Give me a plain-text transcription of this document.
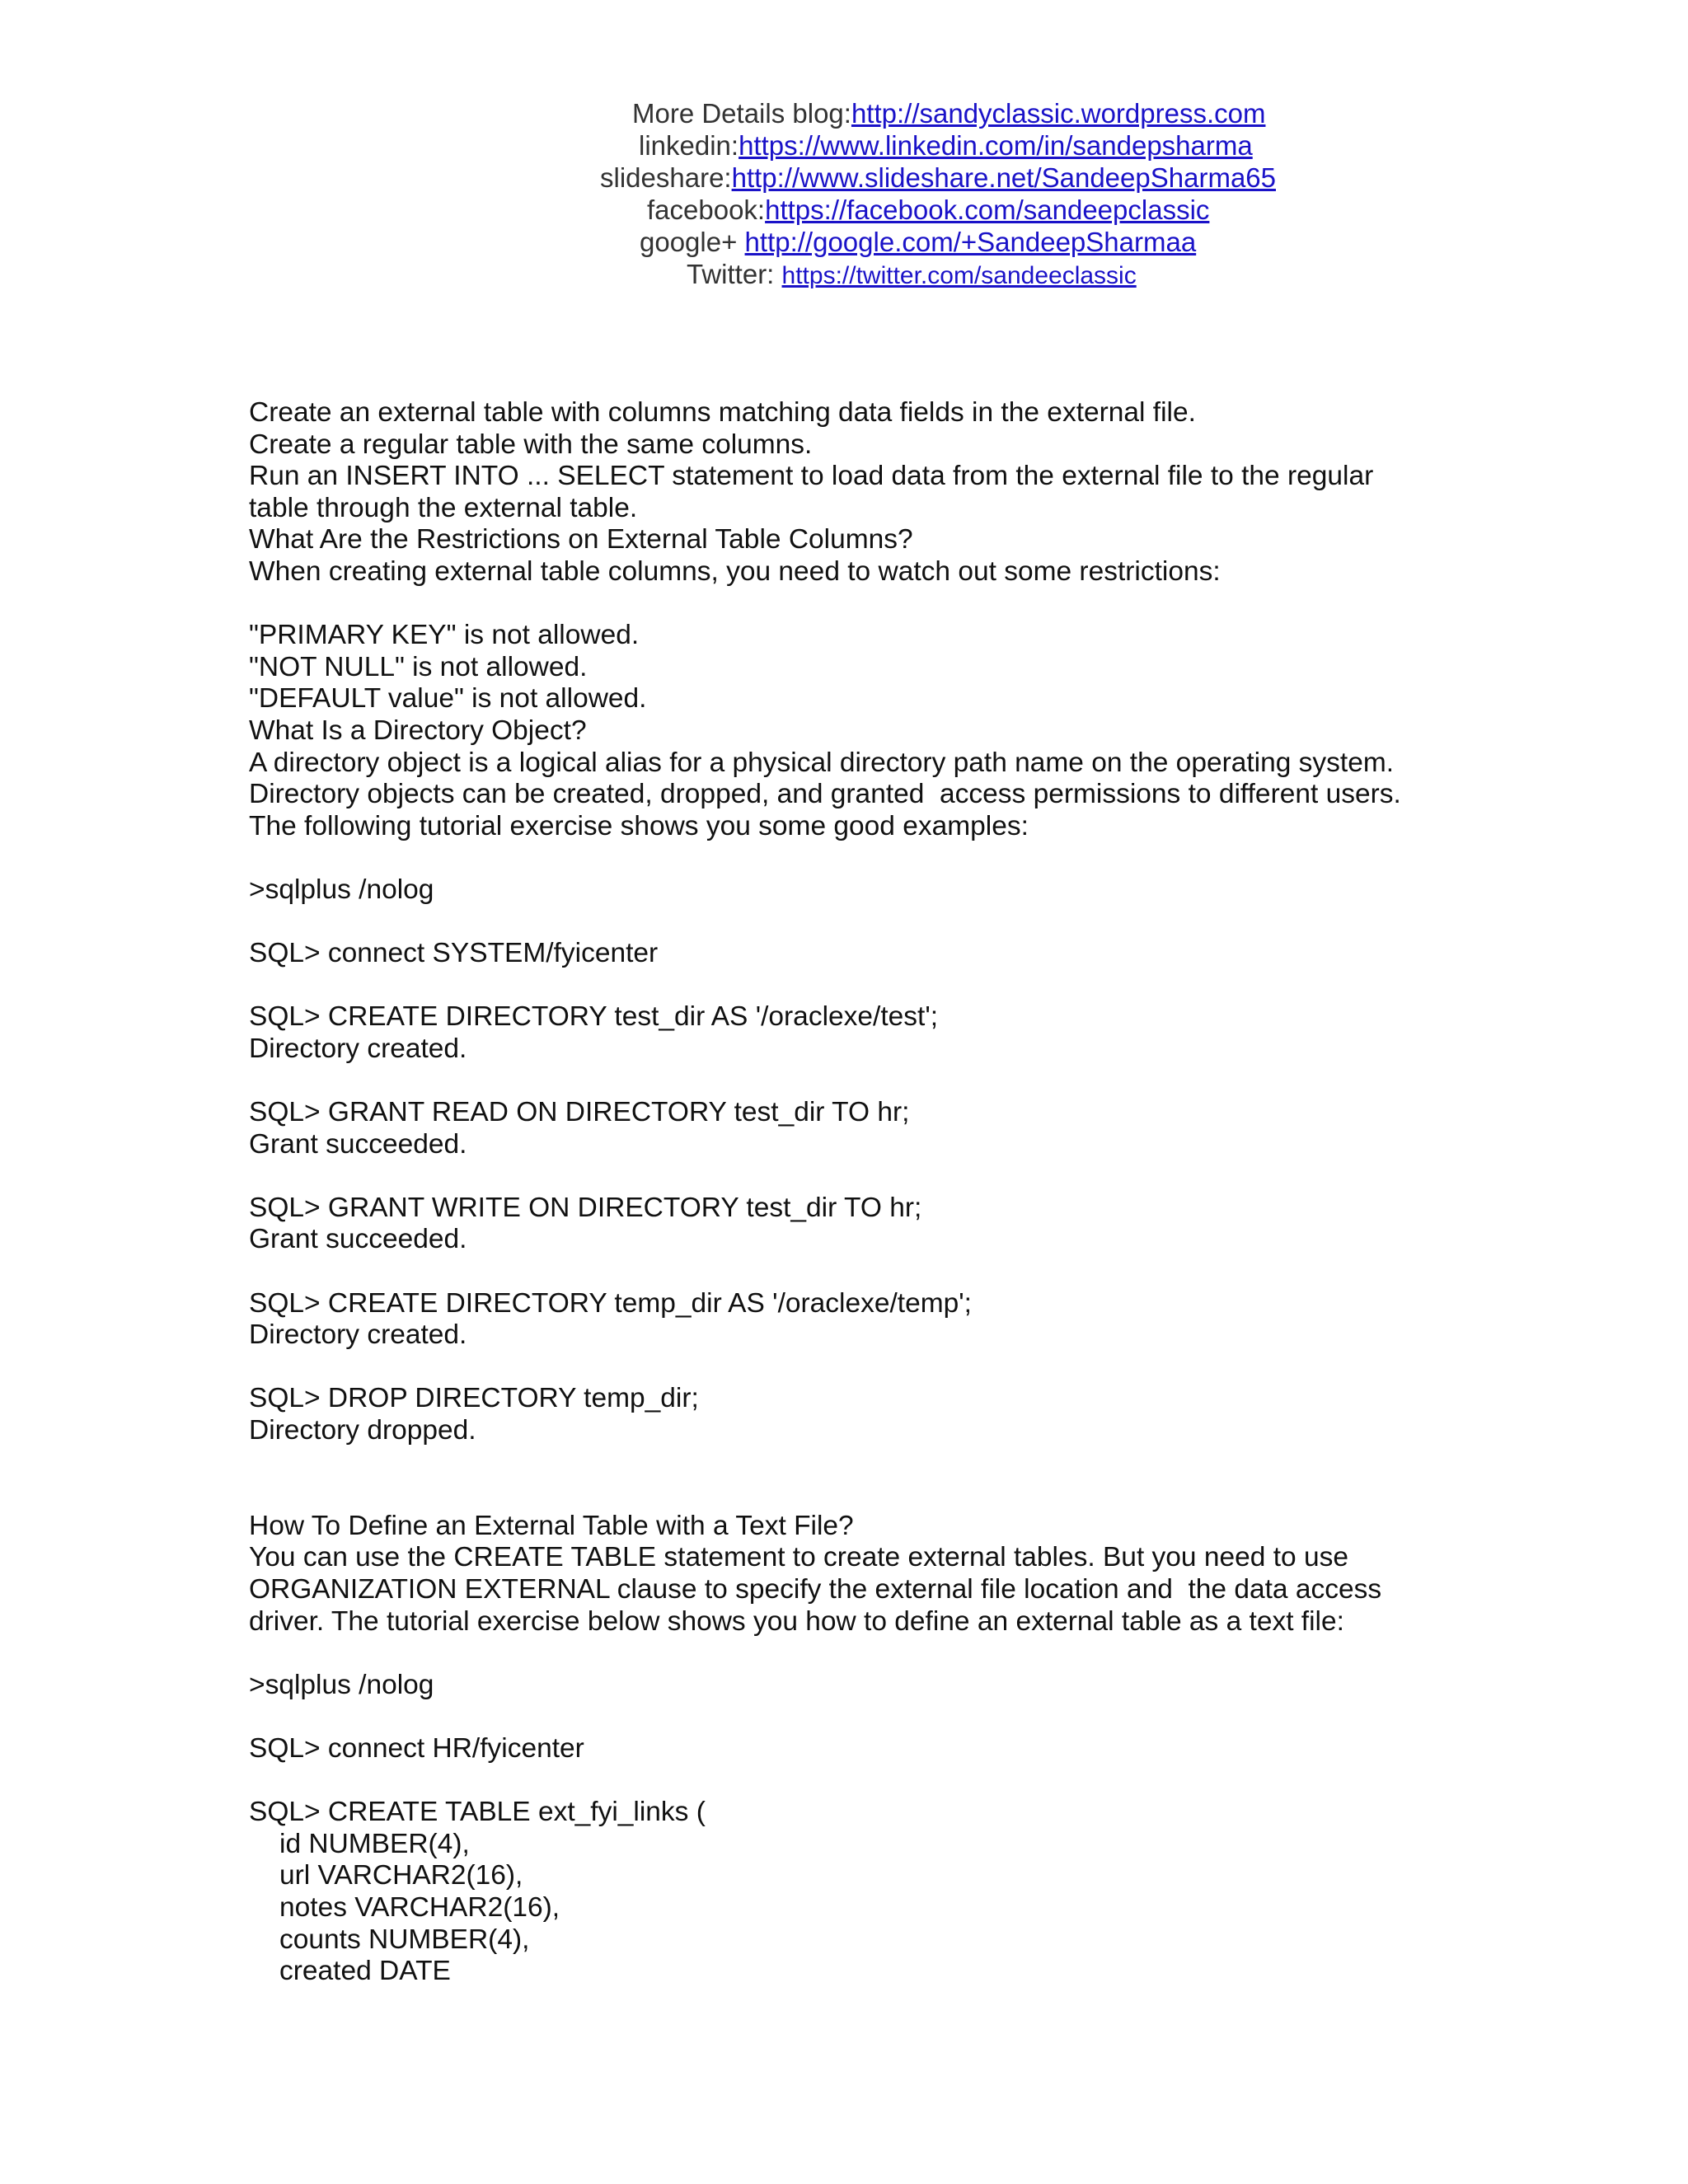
More Details blog:http://sandyclassic.wordpress.com
linkedin:https://www.linkedin.com/in/sandepsharma
slideshare:http://www.slideshare.net/SandeepSharma65
facebook:https://facebook.com/sandeepclassic
google+ http://google.com/+SandeepSharmaa
Twitter: https://twitter.com/sandeeclassic
Create an external table with columns matching data fields in the external file.
Create a regular table with the same columns.
Run an INSERT INTO ... SELECT statement to load data from the external file to the regular
table through the external table.
What Are the Restrictions on External Table Columns?
When creating external table columns, you need to watch out some restrictions:
"PRIMARY KEY" is not allowed.
"NOT NULL" is not allowed.
"DEFAULT value" is not allowed.
What Is a Directory Object?
A directory object is a logical alias for a physical directory path name on the operating system.
Directory objects can be created, dropped, and granted  access permissions to different users.
The following tutorial exercise shows you some good examples:
>sqlplus /nolog
SQL> connect SYSTEM/fyicenter
SQL> CREATE DIRECTORY test_dir AS '/oraclexe/test';
Directory created.
SQL> GRANT READ ON DIRECTORY test_dir TO hr;
Grant succeeded.
SQL> GRANT WRITE ON DIRECTORY test_dir TO hr;
Grant succeeded.
SQL> CREATE DIRECTORY temp_dir AS '/oraclexe/temp';
Directory created.
SQL> DROP DIRECTORY temp_dir;
Directory dropped.
How To Define an External Table with a Text File?
You can use the CREATE TABLE statement to create external tables. But you need to use
ORGANIZATION EXTERNAL clause to specify the external file location and  the data access
driver. The tutorial exercise below shows you how to define an external table as a text file:
>sqlplus /nolog
SQL> connect HR/fyicenter
SQL> CREATE TABLE ext_fyi_links (
id NUMBER(4),
url VARCHAR2(16),
notes VARCHAR2(16),
counts NUMBER(4),
created DATE
